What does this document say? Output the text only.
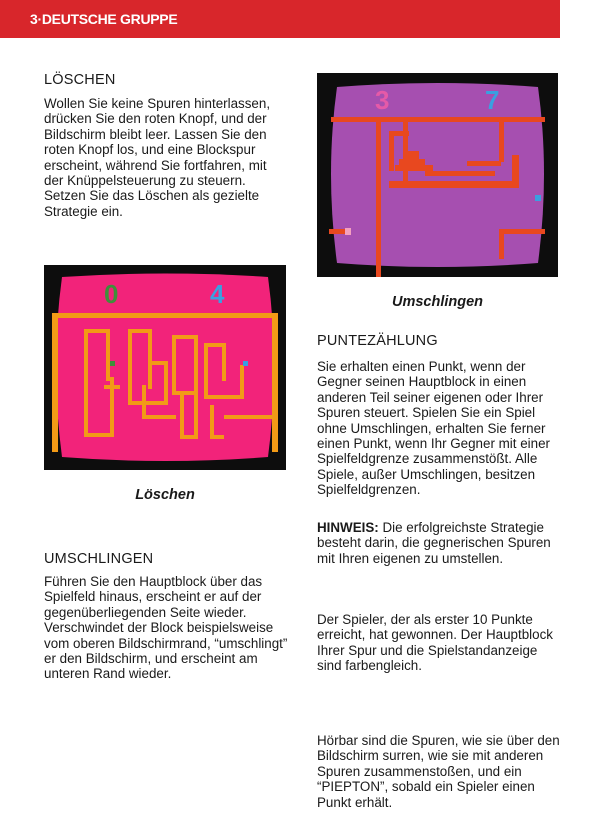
3·DEUTSCHE GRUPPE
LÖSCHEN

Wollen Sie keine Spuren hinterlassen, drücken Sie den roten Knopf, und der Bildschirm bleibt leer. Lassen Sie den roten Knopf los, und eine Blockspur erscheint, während Sie fortfahren, mit der Knüppelsteuerung zu steuern. Setzen Sie das Löschen als gezielte Strategie ein.

3	7

Umschlingen

0	4

Löschen

PUNTEZÄHLUNG

Sie erhalten einen Punkt, wenn der Gegner seinen Hauptblock in einen anderen Teil seiner eigenen oder Ihrer Spuren steuert. Spielen Sie ein Spiel ohne Umschlingen, erhalten Sie ferner einen Punkt, wenn Ihr Gegner mit einer Spielfeldgrenze zusammenstößt. Alle Spiele, außer Umschlingen, besitzen Spielfeldgrenzen.

HINWEIS: Die erfolgreichste Strategie besteht darin, die gegnerischen Spuren mit Ihren eigenen zu umstellen.

UMSCHLINGEN

Führen Sie den Hauptblock über das Spielfeld hinaus, erscheint er auf der gegenüberliegenden Seite wieder. Verschwindet der Block beispielsweise vom oberen Bildschirmrand, “umschlingt” er den Bildschirm, und erscheint am unteren Rand wieder.

Der Spieler, der als erster 10 Punkte erreicht, hat gewonnen. Der Hauptblock Ihrer Spur und die Spielstandanzeige sind farbengleich.

Hörbar sind die Spuren, wie sie über den Bildschirm surren, wie sie mit anderen Spuren zusammenstoßen, und ein “PIEPTON”, sobald ein Spieler einen Punkt erhält.
